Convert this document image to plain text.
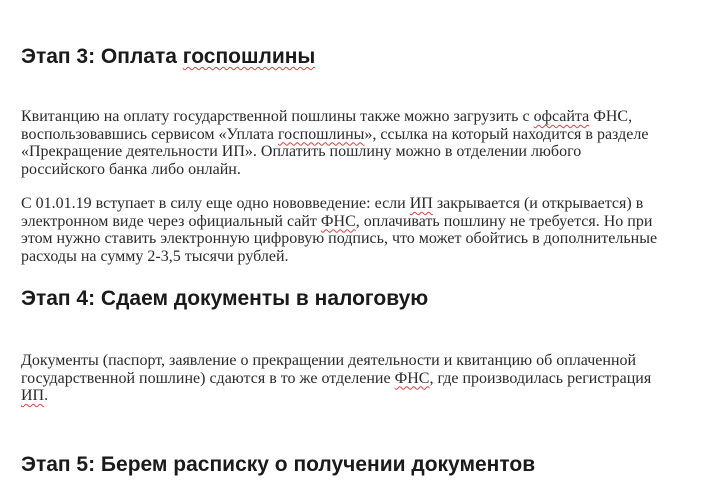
Этап 3: Оплата госпошлины
Квитанцию на оплату государственной пошлины также можно загрузить с офсайта ФНС,
воспользовавшись сервисом «Уплата госпошлины», ссылка на который находится в разделе
«Прекращение деятельности ИП». Оплатить пошлину можно в отделении любого
российского банка либо онлайн.
С 01.01.19 вступает в силу еще одно нововведение: если ИП закрывается (и открывается) в
электронном виде через официальный сайт ФНС, оплачивать пошлину не требуется. Но при
этом нужно ставить электронную цифровую подпись, что может обойтись в дополнительные
расходы на сумму 2-3,5 тысячи рублей.
Этап 4: Сдаем документы в налоговую
Документы (паспорт, заявление о прекращении деятельности и квитанцию об оплаченной
государственной пошлине) сдаются в то же отделение ФНС, где производилась регистрация
ИП.
Этап 5: Берем расписку о получении документов
